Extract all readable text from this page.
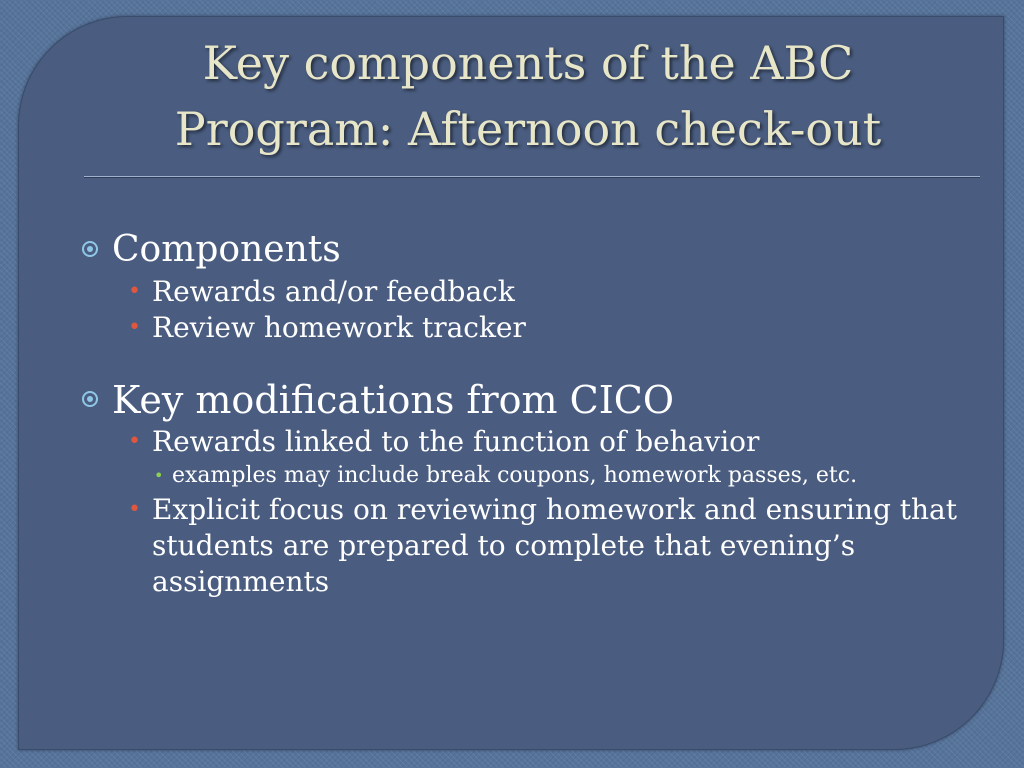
Key components of the ABC
Program: Afternoon check-out
Components
• Rewards and/or feedback
• Review homework tracker
Key modifications from CICO
• Rewards linked to the function of behavior
• examples may include break coupons, homework passes, etc.
• Explicit focus on reviewing homework and ensuring that students are prepared to complete that evening’s assignments
